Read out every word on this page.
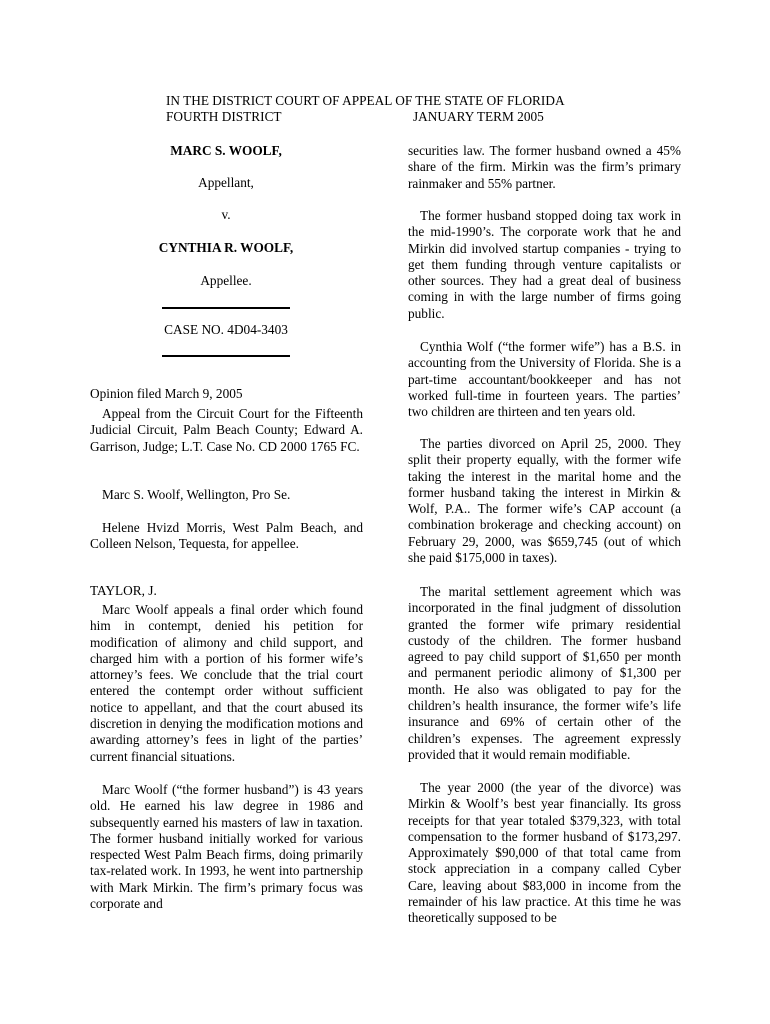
IN THE DISTRICT COURT OF APPEAL OF THE STATE OF FLORIDA
FOURTH DISTRICT	JANUARY TERM 2005
MARC S. WOOLF,
Appellant,
v.
CYNTHIA R. WOOLF,
Appellee.
CASE NO. 4D04-3403

Opinion filed March 9, 2005

Appeal from the Circuit Court for the Fifteenth Judicial Circuit, Palm Beach County; Edward A. Garrison, Judge; L.T. Case No. CD 2000 1765 FC.

Marc S. Woolf, Wellington, Pro Se.

Helene Hvizd Morris, West Palm Beach, and Colleen Nelson, Tequesta, for appellee.

TAYLOR, J.

Marc Woolf appeals a final order which found him in contempt, denied his petition for modification of alimony and child support, and charged him with a portion of his former wife’s attorney’s fees. We conclude that the trial court entered the contempt order without sufficient notice to appellant, and that the court abused its discretion in denying the modification motions and awarding attorney’s fees in light of the parties’ current financial situations.

Marc Woolf (“the former husband”) is 43 years old. He earned his law degree in 1986 and subsequently earned his masters of law in taxation. The former husband initially worked for various respected West Palm Beach firms, doing primarily tax-related work. In 1993, he went into partnership with Mark Mirkin. The firm’s primary focus was corporate and

securities law. The former husband owned a 45% share of the firm. Mirkin was the firm’s primary rainmaker and 55% partner.

The former husband stopped doing tax work in the mid-1990’s. The corporate work that he and Mirkin did involved startup companies - trying to get them funding through venture capitalists or other sources. They had a great deal of business coming in with the large number of firms going public.

Cynthia Wolf (“the former wife”) has a B.S. in accounting from the University of Florida. She is a part-time accountant/bookkeeper and has not worked full-time in fourteen years. The parties’ two children are thirteen and ten years old.

The parties divorced on April 25, 2000. They split their property equally, with the former wife taking the interest in the marital home and the former husband taking the interest in Mirkin & Wolf, P.A.. The former wife’s CAP account (a combination brokerage and checking account) on February 29, 2000, was $659,745 (out of which she paid $175,000 in taxes).

The marital settlement agreement which was incorporated in the final judgment of dissolution granted the former wife primary residential custody of the children. The former husband agreed to pay child support of $1,650 per month and permanent periodic alimony of $1,300 per month. He also was obligated to pay for the children’s health insurance, the former wife’s life insurance and 69% of certain other of the children’s expenses. The agreement expressly provided that it would remain modifiable.

The year 2000 (the year of the divorce) was Mirkin & Woolf’s best year financially. Its gross receipts for that year totaled $379,323, with total compensation to the former husband of $173,297. Approximately $90,000 of that total came from stock appreciation in a company called Cyber Care, leaving about $83,000 in income from the remainder of his law practice. At this time he was theoretically supposed to be
